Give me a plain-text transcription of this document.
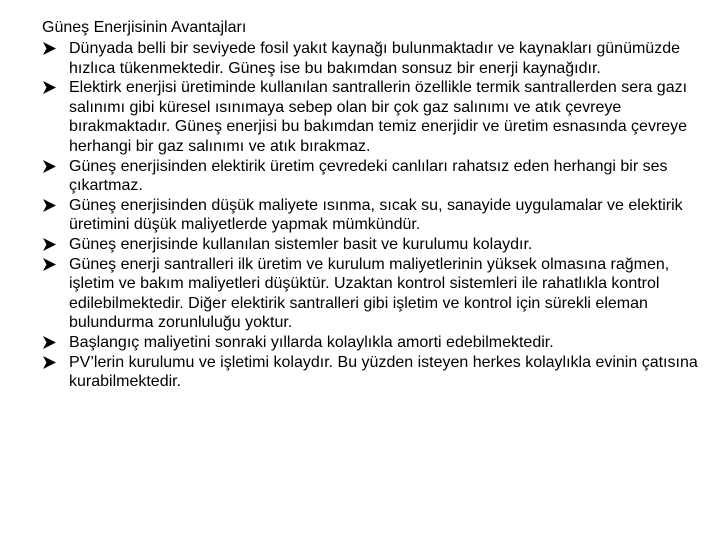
Güneş Enerjisinin Avantajları
Dünyada belli bir seviyede fosil yakıt kaynağı bulunmaktadır ve kaynakları günümüzde hızlıca tükenmektedir. Güneş ise bu bakımdan sonsuz bir enerji kaynağıdır.
Elektirk enerjisi üretiminde kullanılan santrallerin özellikle termik santrallerden sera gazı salınımı gibi küresel ısınımaya sebep olan bir çok gaz salınımı ve atık çevreye bırakmaktadır. Güneş enerjisi bu bakımdan temiz enerjidir ve üretim esnasında çevreye herhangi bir gaz salınımı ve atık bırakmaz.
Güneş enerjisinden elektirik üretim çevredeki canlıları rahatsız eden herhangi bir ses çıkartmaz.
Güneş enerjisinden düşük maliyete ısınma, sıcak su, sanayide uygulamalar ve elektirik üretimini düşük maliyetlerde yapmak mümkündür.
Güneş enerjisinde kullanılan sistemler basit ve kurulumu kolaydır.
Güneş enerji santralleri ilk üretim ve kurulum maliyetlerinin yüksek olmasına rağmen, işletim ve bakım maliyetleri düşüktür. Uzaktan kontrol sistemleri ile rahatlıkla kontrol edilebilmektedir. Diğer elektirik santralleri gibi işletim ve kontrol için sürekli eleman bulundurma zorunluluğu yoktur.
Başlangıç maliyetini sonraki yıllarda kolaylıkla amorti edebilmektedir.
PV’lerin kurulumu ve işletimi kolaydır. Bu yüzden isteyen herkes kolaylıkla evinin çatısına kurabilmektedir.
